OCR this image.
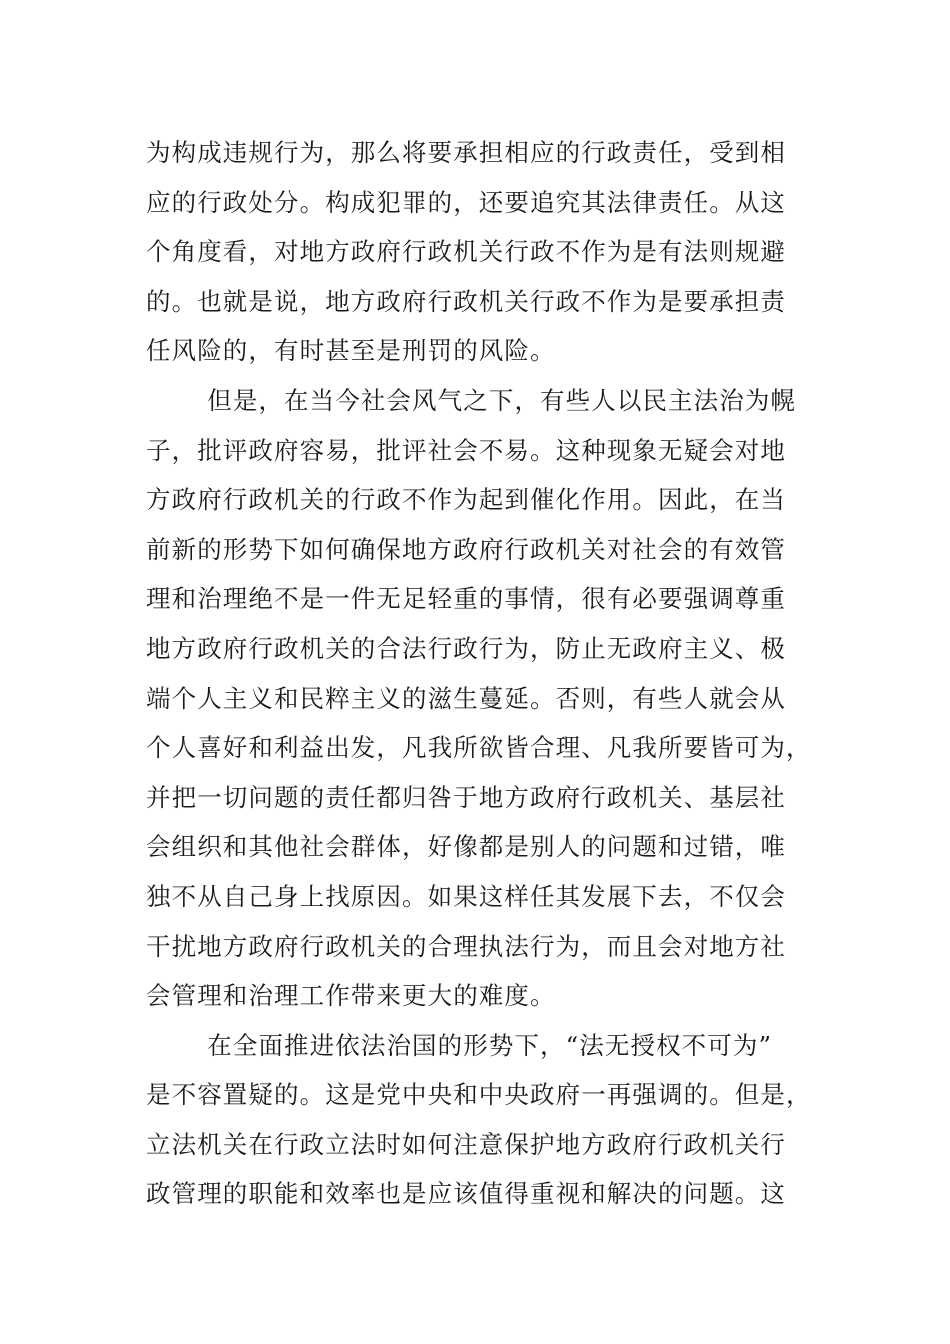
为构成违规行为，那么将要承担相应的行政责任，受到相
应的行政处分。构成犯罪的，还要追究其法律责任。从这
个角度看，对地方政府行政机关行政不作为是有法则规避
的。也就是说，地方政府行政机关行政不作为是要承担责
任风险的，有时甚至是刑罚的风险。
但是，在当今社会风气之下，有些人以民主法治为幌
子，批评政府容易，批评社会不易。这种现象无疑会对地
方政府行政机关的行政不作为起到催化作用。因此，在当
前新的形势下如何确保地方政府行政机关对社会的有效管
理和治理绝不是一件无足轻重的事情，很有必要强调尊重
地方政府行政机关的合法行政行为，防止无政府主义、极
端个人主义和民粹主义的滋生蔓延。否则，有些人就会从
个人喜好和利益出发，凡我所欲皆合理、凡我所要皆可为，
并把一切问题的责任都归咎于地方政府行政机关、基层社
会组织和其他社会群体，好像都是别人的问题和过错，唯
独不从自己身上找原因。如果这样任其发展下去，不仅会
干扰地方政府行政机关的合理执法行为，而且会对地方社
会管理和治理工作带来更大的难度。
在全面推进依法治国的形势下，“法无授权不可为”
是不容置疑的。这是党中央和中央政府一再强调的。但是，
立法机关在行政立法时如何注意保护地方政府行政机关行
政管理的职能和效率也是应该值得重视和解决的问题。这
